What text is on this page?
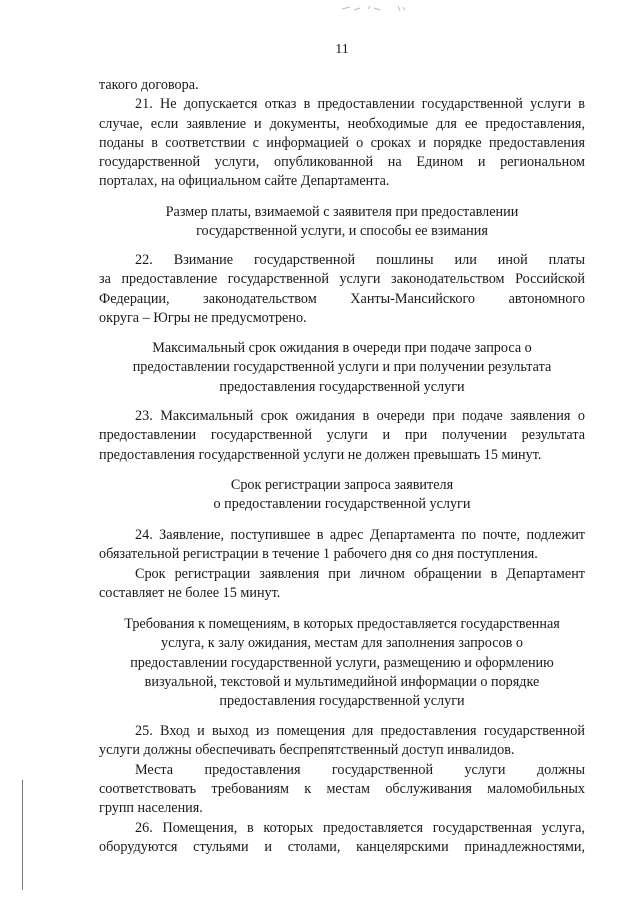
11

такого договора.

21. Не допускается отказ в предоставлении государственной услуги в

случае, если заявление и документы, необходимые для ее предоставления,

поданы в соответствии с информацией о сроках и порядке предоставления

государственной услуги, опубликованной на Едином и региональном

порталах, на официальном сайте Департамента.

Размер платы, взимаемой с заявителя при предоставлении

государственной услуги, и способы ее взимания

22. Взимание государственной пошлины или иной платы

за предоставление государственной услуги законодательством Российской

Федерации, законодательством Ханты-Мансийского автономного

округа – Югры не предусмотрено.

Максимальный срок ожидания в очереди при подаче запроса о

предоставлении государственной услуги и при получении результата

предоставления государственной услуги

23. Максимальный срок ожидания в очереди при подаче заявления о

предоставлении государственной услуги и при получении результата

предоставления государственной услуги не должен превышать 15 минут.

Срок регистрации запроса заявителя

о предоставлении государственной услуги

24. Заявление, поступившее в адрес Департамента по почте, подлежит

обязательной регистрации в течение 1 рабочего дня со дня поступления.

Срок регистрации заявления при личном обращении в Департамент

составляет не более 15 минут.

Требования к помещениям, в которых предоставляется государственная

услуга, к залу ожидания, местам для заполнения запросов о

предоставлении государственной услуги, размещению и оформлению

визуальной, текстовой и мультимедийной информации о порядке

предоставления государственной услуги

25. Вход и выход из помещения для предоставления государственной

услуги должны обеспечивать беспрепятственный доступ инвалидов.

Места предоставления государственной услуги должны

соответствовать требованиям к местам обслуживания маломобильных

групп населения.

26. Помещения, в которых предоставляется государственная услуга,

оборудуются стульями и столами, канцелярскими принадлежностями,
